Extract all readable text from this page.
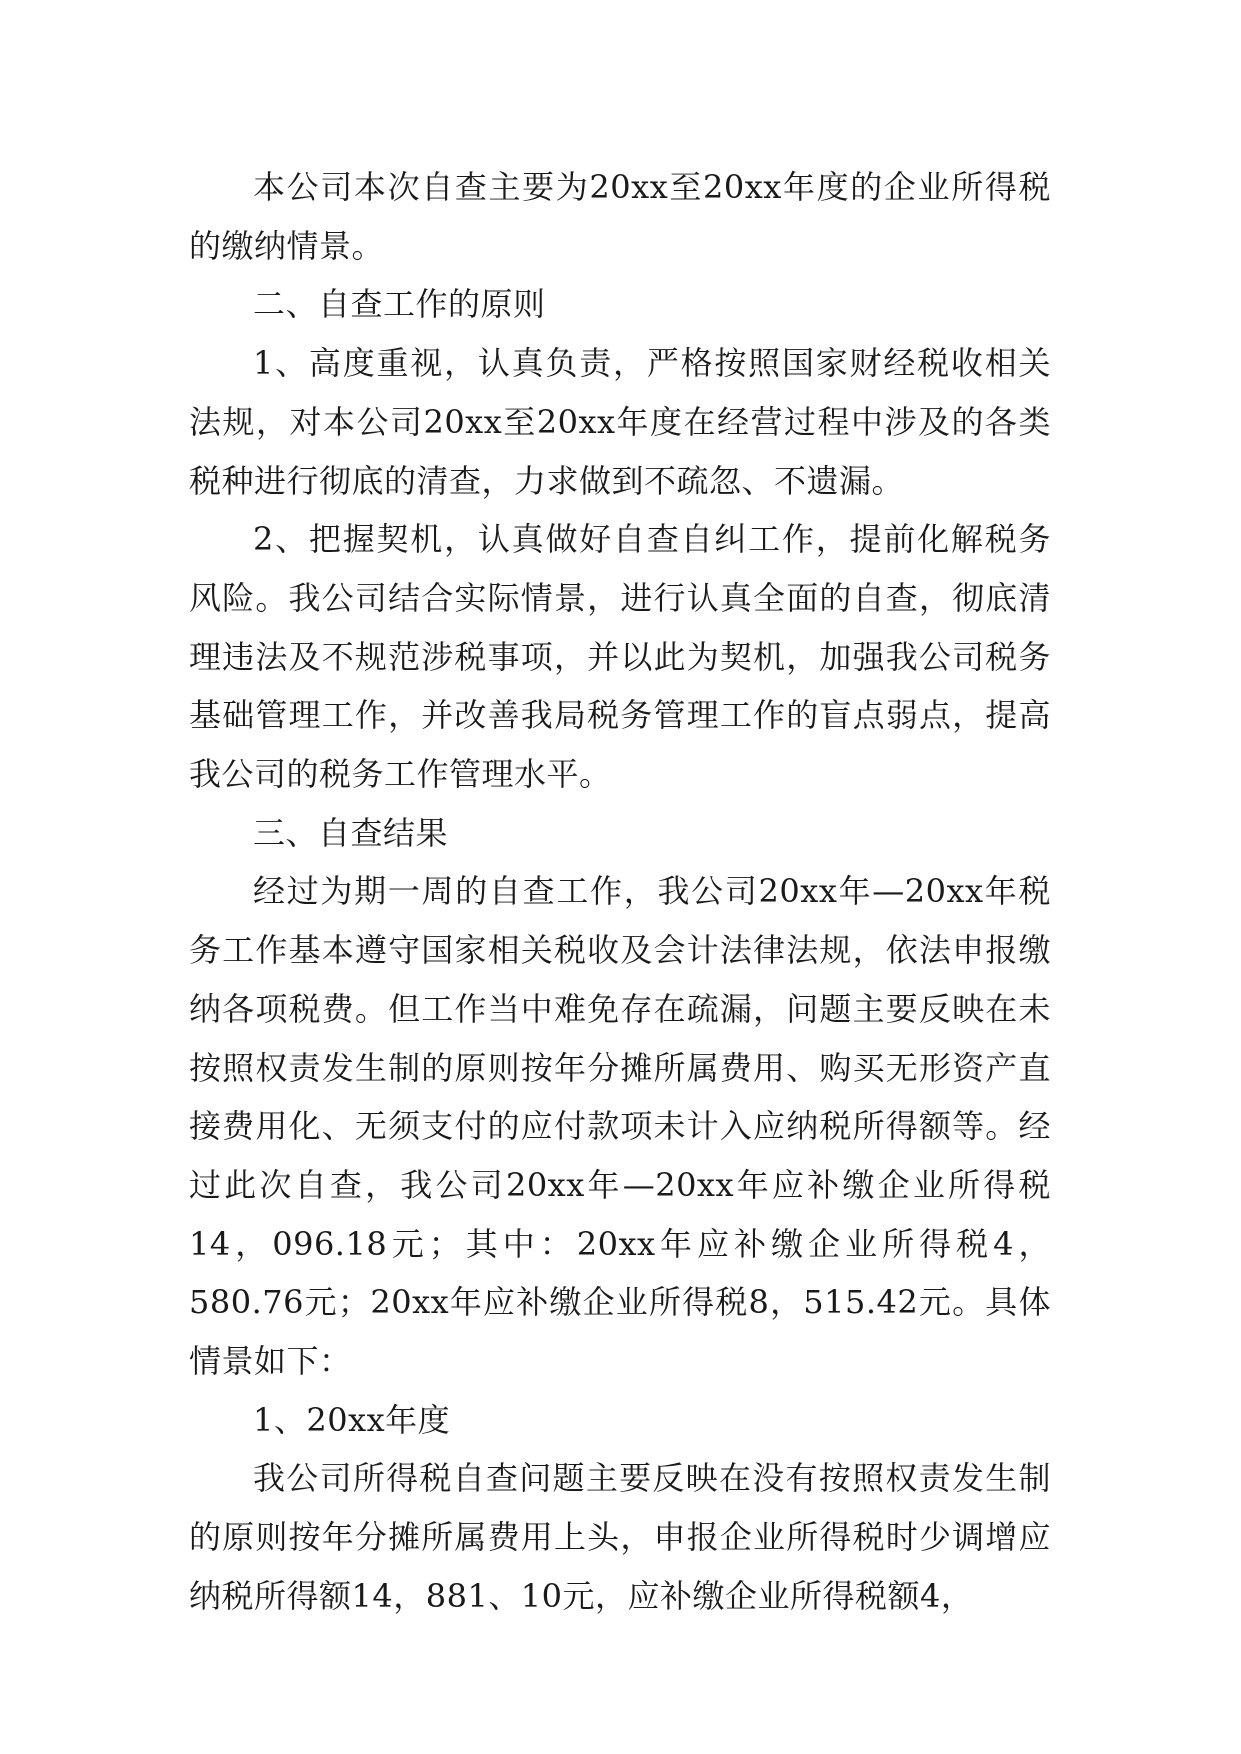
本公司本次自查主要为20xx至20xx年度的企业所得税的缴纳情景。

二、自查工作的原则

1、高度重视，认真负责，严格按照国家财经税收相关法规，对本公司20xx至20xx年度在经营过程中涉及的各类税种进行彻底的清查，力求做到不疏忽、不遗漏。

2、把握契机，认真做好自查自纠工作，提前化解税务风险。我公司结合实际情景，进行认真全面的自查，彻底清理违法及不规范涉税事项，并以此为契机，加强我公司税务基础管理工作，并改善我局税务管理工作的盲点弱点，提高我公司的税务工作管理水平。

三、自查结果

经过为期一周的自查工作，我公司20xx年—20xx年税务工作基本遵守国家相关税收及会计法律法规，依法申报缴纳各项税费。但工作当中难免存在疏漏，问题主要反映在未按照权责发生制的原则按年分摊所属费用、购买无形资产直接费用化、无须支付的应付款项未计入应纳税所得额等。经过此次自查，我公司20xx年—20xx年应补缴企业所得税14，096.18元；其中：20xx年应补缴企业所得税4，580.76元；20xx年应补缴企业所得税8，515.42元。具体情景如下：

1、20xx年度

我公司所得税自查问题主要反映在没有按照权责发生制的原则按年分摊所属费用上头，申报企业所得税时少调增应纳税所得额14，881、10元，应补缴企业所得税额4，
